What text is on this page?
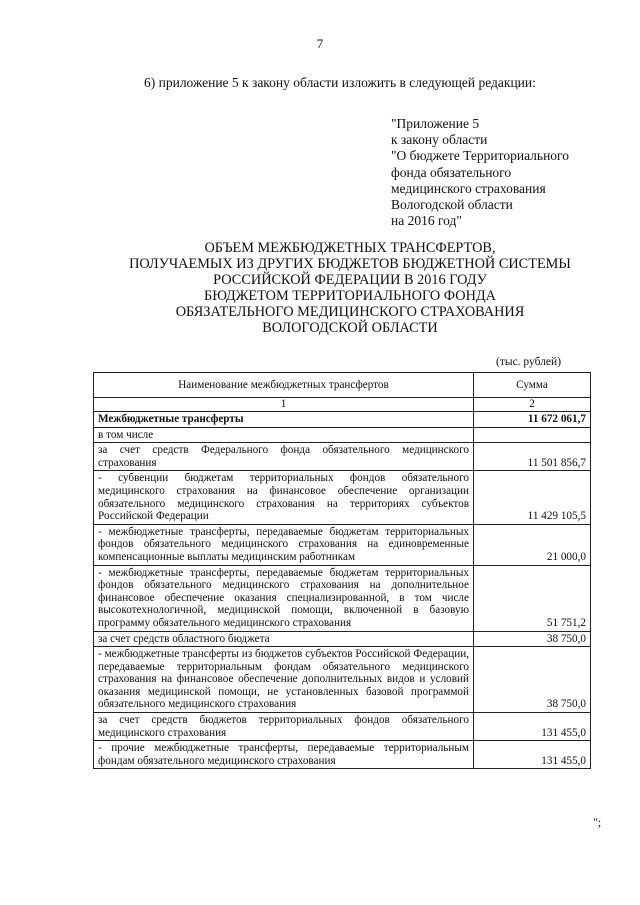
7
6) приложение 5 к закону области изложить в следующей редакции:
"Приложение 5
к закону области
"О бюджете Территориального
фонда обязательного
медицинского страхования
Вологодской области
на 2016 год"
ОБЪЕМ МЕЖБЮДЖЕТНЫХ ТРАНСФЕРТОВ,
ПОЛУЧАЕМЫХ ИЗ ДРУГИХ БЮДЖЕТОВ БЮДЖЕТНОЙ СИСТЕМЫ
РОССИЙСКОЙ ФЕДЕРАЦИИ В 2016 ГОДУ
БЮДЖЕТОМ ТЕРРИТОРИАЛЬНОГО ФОНДА
ОБЯЗАТЕЛЬНОГО МЕДИЦИНСКОГО СТРАХОВАНИЯ
ВОЛОГОДСКОЙ ОБЛАСТИ
(тыс. рублей)
Наименование межбюджетных трансфертов	Сумма
1	2
Межбюджетные трансферты	11 672 061,7
в том числе	
за счет средств Федерального фонда обязательного медицинского страхования	11 501 856,7
- субвенции бюджетам территориальных фондов обязательного медицинского страхования на финансовое обеспечение организации обязательного медицинского страхования на территориях субъектов Российской Федерации	11 429 105,5
- межбюджетные трансферты, передаваемые бюджетам территориальных фондов обязательного медицинского страхования на единовременные компенсационные выплаты медицинским работникам	21 000,0
- межбюджетные трансферты, передаваемые бюджетам территориальных фондов обязательного медицинского страхования на дополнительное финансовое обеспечение оказания специализированной, в том числе высокотехнологичной, медицинской помощи, включенной в базовую программу обязательного медицинского страхования	51 751,2
за счет средств областного бюджета	38 750,0
- межбюджетные трансферты из бюджетов субъектов Российской Федерации, передаваемые территориальным фондам обязательного медицинского страхования на финансовое обеспечение дополнительных видов и условий оказания медицинской помощи, не установленных базовой программой обязательного медицинского страхования	38 750,0
за счет средств бюджетов территориальных фондов обязательного медицинского страхования	131 455,0
- прочие межбюджетные трансферты, передаваемые территориальным фондам обязательного медицинского страхования	131 455,0
";
